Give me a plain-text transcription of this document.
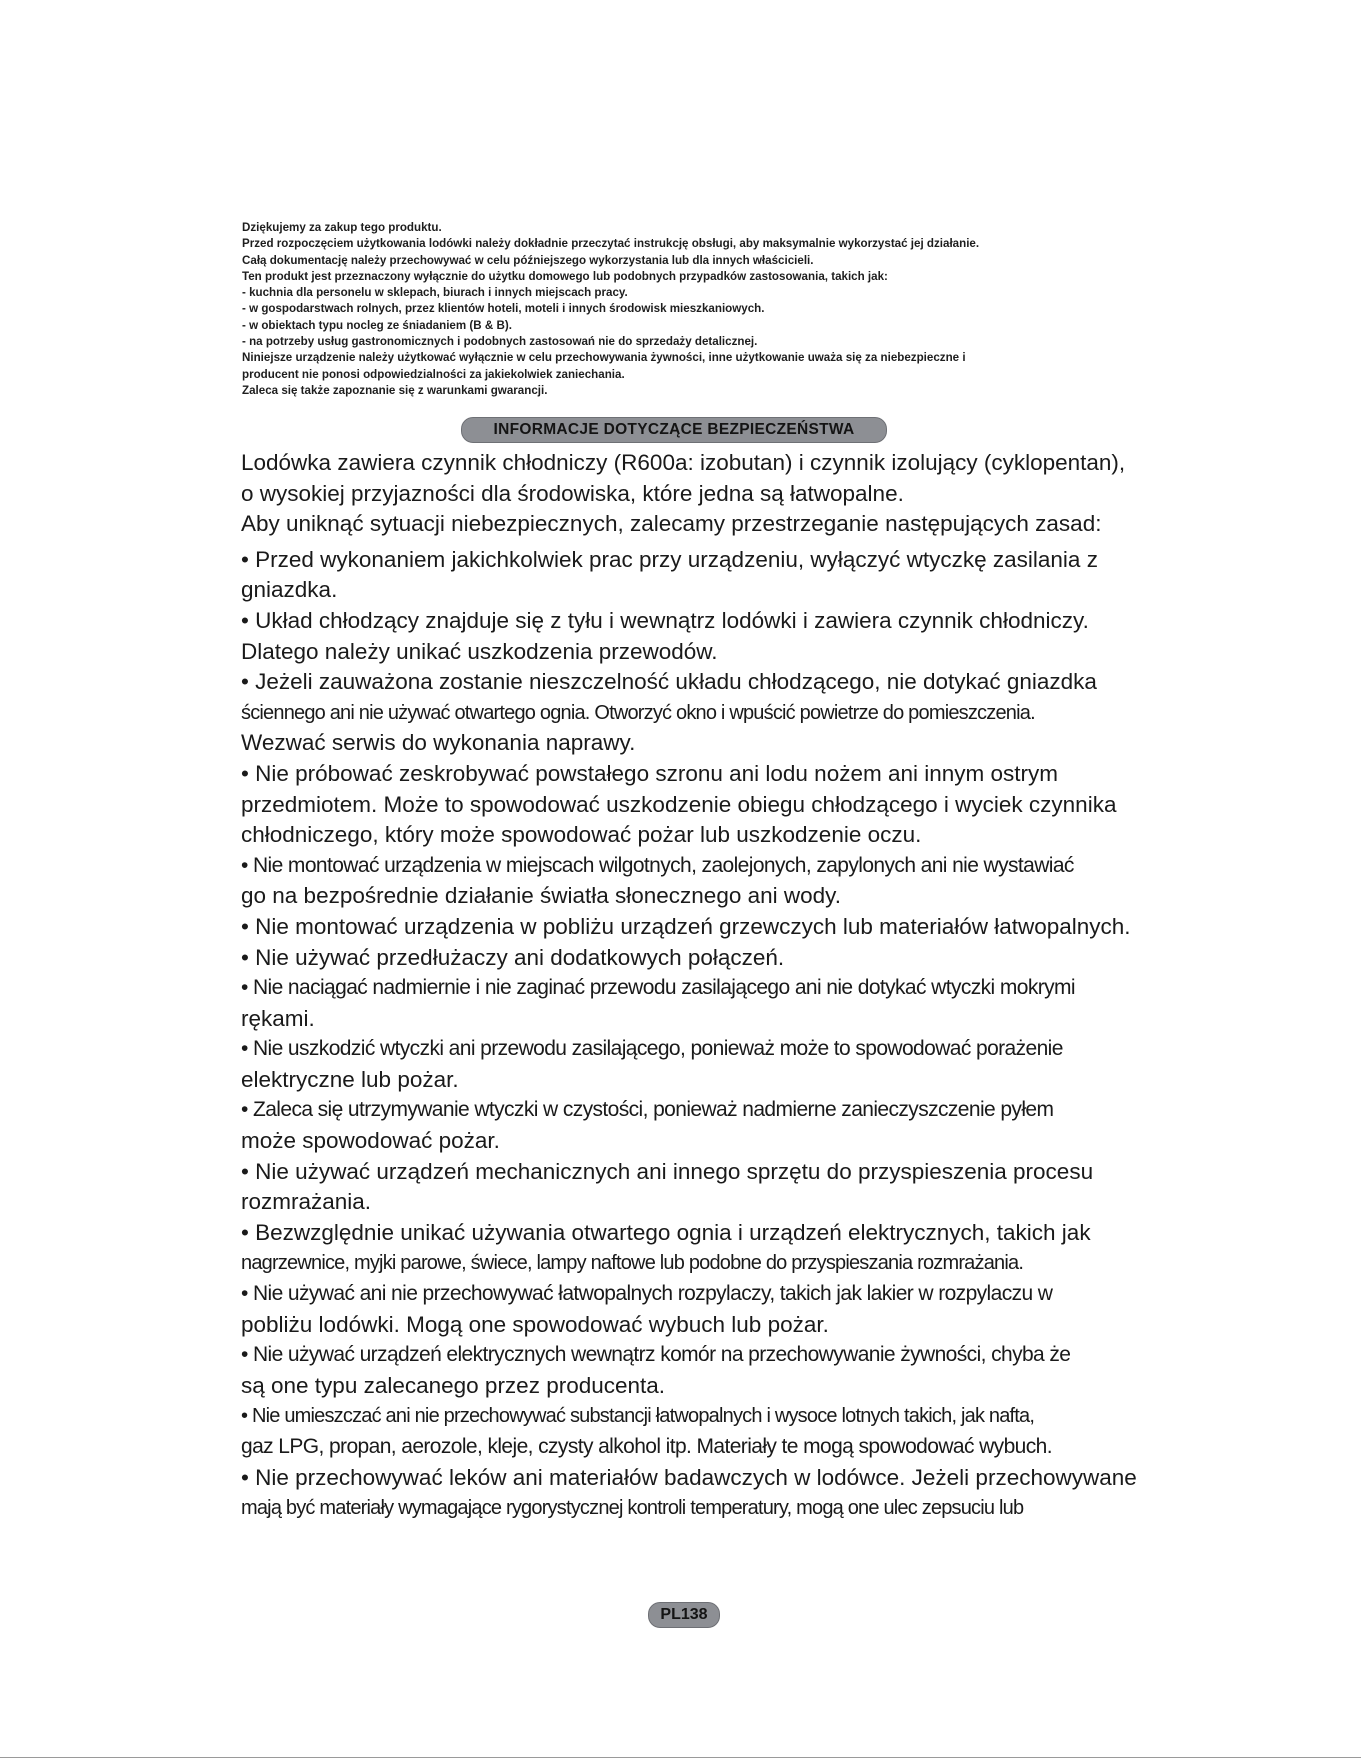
Dziękujemy za zakup tego produktu.
Przed rozpoczęciem użytkowania lodówki należy dokładnie przeczytać instrukcję obsługi, aby maksymalnie wykorzystać jej działanie.
Całą dokumentację należy przechowywać w celu późniejszego wykorzystania lub dla innych właścicieli.
Ten produkt jest przeznaczony wyłącznie do użytku domowego lub podobnych przypadków zastosowania, takich jak:
- kuchnia dla personelu w sklepach, biurach i innych miejscach pracy.
- w gospodarstwach rolnych, przez klientów hoteli, moteli i innych środowisk mieszkaniowych.
- w obiektach typu nocleg ze śniadaniem (B & B).
- na potrzeby usług gastronomicznych i podobnych zastosowań nie do sprzedaży detalicznej.
Niniejsze urządzenie należy użytkować wyłącznie w celu przechowywania żywności, inne użytkowanie uważa się za niebezpieczne i
producent nie ponosi odpowiedzialności za jakiekolwiek zaniechania.
Zaleca się także zapoznanie się z warunkami gwarancji.
INFORMACJE DOTYCZĄCE BEZPIECZEŃSTWA
Lodówka zawiera czynnik chłodniczy (R600a: izobutan) i czynnik izolujący (cyklopentan),
o wysokiej przyjazności dla środowiska, które jedna są łatwopalne.
Aby uniknąć sytuacji niebezpiecznych, zalecamy przestrzeganie następujących zasad:
• Przed wykonaniem jakichkolwiek prac przy urządzeniu, wyłączyć wtyczkę zasilania z
gniazdka.
• Układ chłodzący znajduje się z tyłu i wewnątrz lodówki i zawiera czynnik chłodniczy.
Dlatego należy unikać uszkodzenia przewodów.
• Jeżeli zauważona zostanie nieszczelność układu chłodzącego, nie dotykać gniazdka
ściennego ani nie używać otwartego ognia. Otworzyć okno i wpuścić powietrze do pomieszczenia.
Wezwać serwis do wykonania naprawy.
• Nie próbować zeskrobywać powstałego szronu ani lodu nożem ani innym ostrym
przedmiotem. Może to spowodować uszkodzenie obiegu chłodzącego i wyciek czynnika
chłodniczego, który może spowodować pożar lub uszkodzenie oczu.
• Nie montować urządzenia w miejscach wilgotnych, zaolejonych, zapylonych ani nie wystawiać
go na bezpośrednie działanie światła słonecznego ani wody.
• Nie montować urządzenia w pobliżu urządzeń grzewczych lub materiałów łatwopalnych.
• Nie używać przedłużaczy ani dodatkowych połączeń.
• Nie naciągać nadmiernie i nie zaginać przewodu zasilającego ani nie dotykać wtyczki mokrymi
rękami.
• Nie uszkodzić wtyczki ani przewodu zasilającego, ponieważ może to spowodować porażenie
elektryczne lub pożar.
• Zaleca się utrzymywanie wtyczki w czystości, ponieważ nadmierne zanieczyszczenie pyłem
może spowodować pożar.
• Nie używać urządzeń mechanicznych ani innego sprzętu do przyspieszenia procesu
rozmrażania.
• Bezwzględnie unikać używania otwartego ognia i urządzeń elektrycznych, takich jak
nagrzewnice, myjki parowe, świece, lampy naftowe lub podobne do przyspieszania rozmrażania.
• Nie używać ani nie przechowywać łatwopalnych rozpylaczy, takich jak lakier w rozpylaczu w
pobliżu lodówki. Mogą one spowodować wybuch lub pożar.
• Nie używać urządzeń elektrycznych wewnątrz komór na przechowywanie żywności, chyba że
są one typu zalecanego przez producenta.
• Nie umieszczać ani nie przechowywać substancji łatwopalnych i wysoce lotnych takich, jak nafta,
gaz LPG, propan, aerozole, kleje, czysty alkohol itp. Materiały te mogą spowodować wybuch.
• Nie przechowywać leków ani materiałów badawczych w lodówce. Jeżeli przechowywane
mają być materiały wymagające rygorystycznej kontroli temperatury, mogą one ulec zepsuciu lub
PL138
